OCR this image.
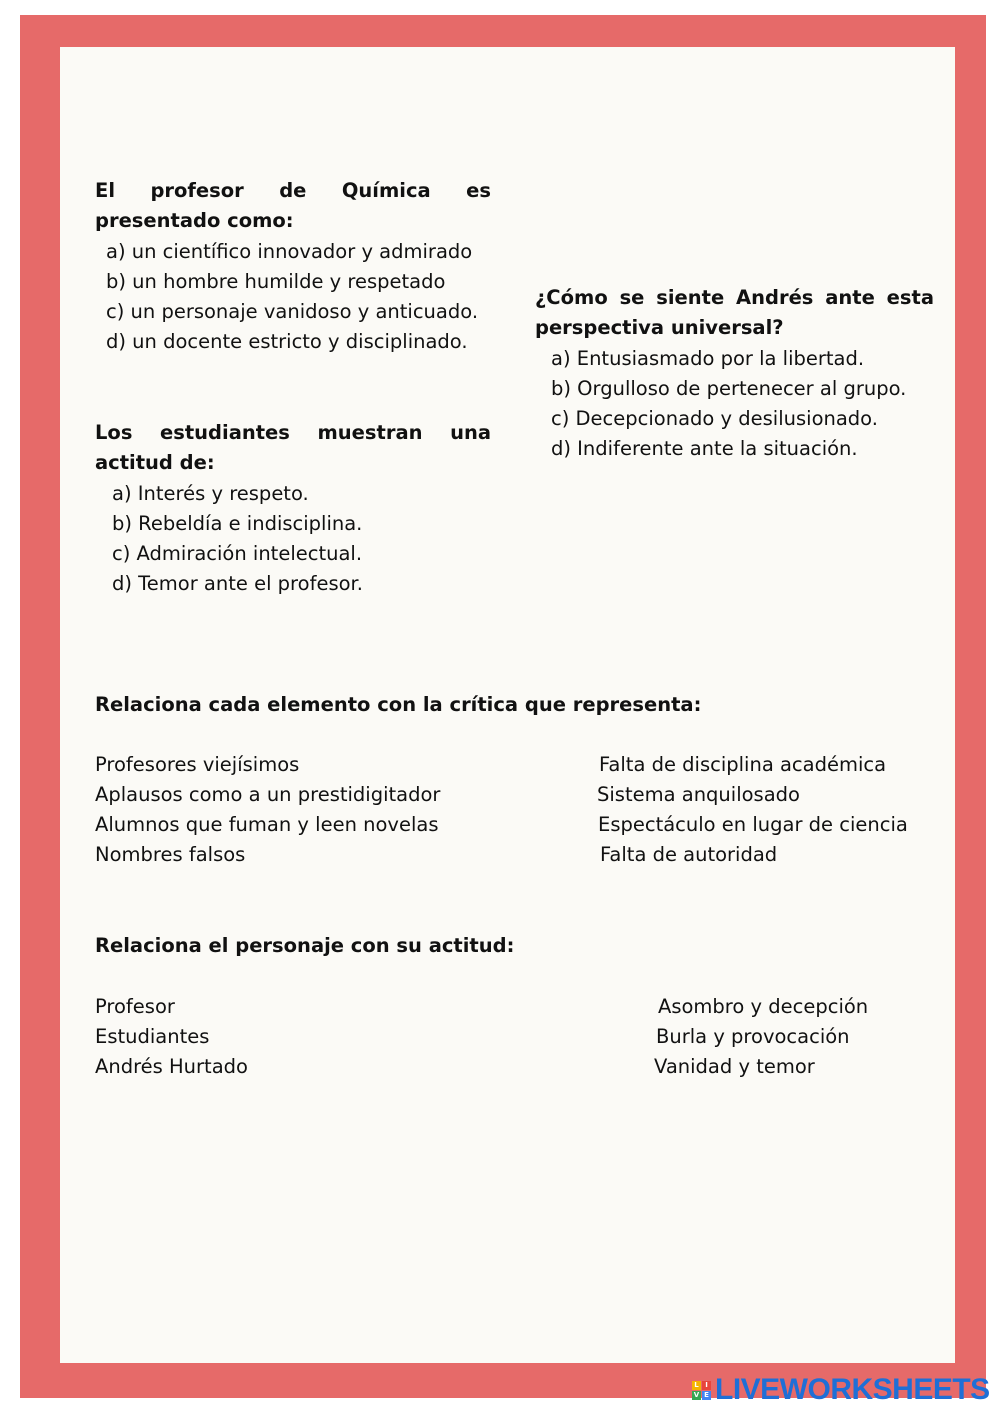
El profesor de Química es presentado como:

a) un científico innovador y admirado

b) un hombre humilde y respetado

c) un personaje vanidoso y anticuado.

d) un docente estricto y disciplinado.

Los estudiantes muestran una actitud de:

a) Interés y respeto.

b) Rebeldía e indisciplina.

c) Admiración intelectual.

d) Temor ante el profesor.

¿Cómo se siente Andrés ante esta perspectiva universal?

a) Entusiasmado por la libertad.

b) Orgulloso de pertenecer al grupo.

c) Decepcionado y desilusionado.

d) Indiferente ante la situación.

Relaciona cada elemento con la crítica que representa:

Profesores viejísimos
Aplausos como a un prestidigitador
Alumnos que fuman y leen novelas
Nombres falsos
Falta de disciplina académica
Sistema anquilosado
Espectáculo en lugar de ciencia
Falta de autoridad

Relaciona el personaje con su actitud:

Profesor
Estudiantes
Andrés Hurtado
Asombro y decepción
Burla y provocación
Vanidad y temor
L I
V E LIVEWORKSHEETS
